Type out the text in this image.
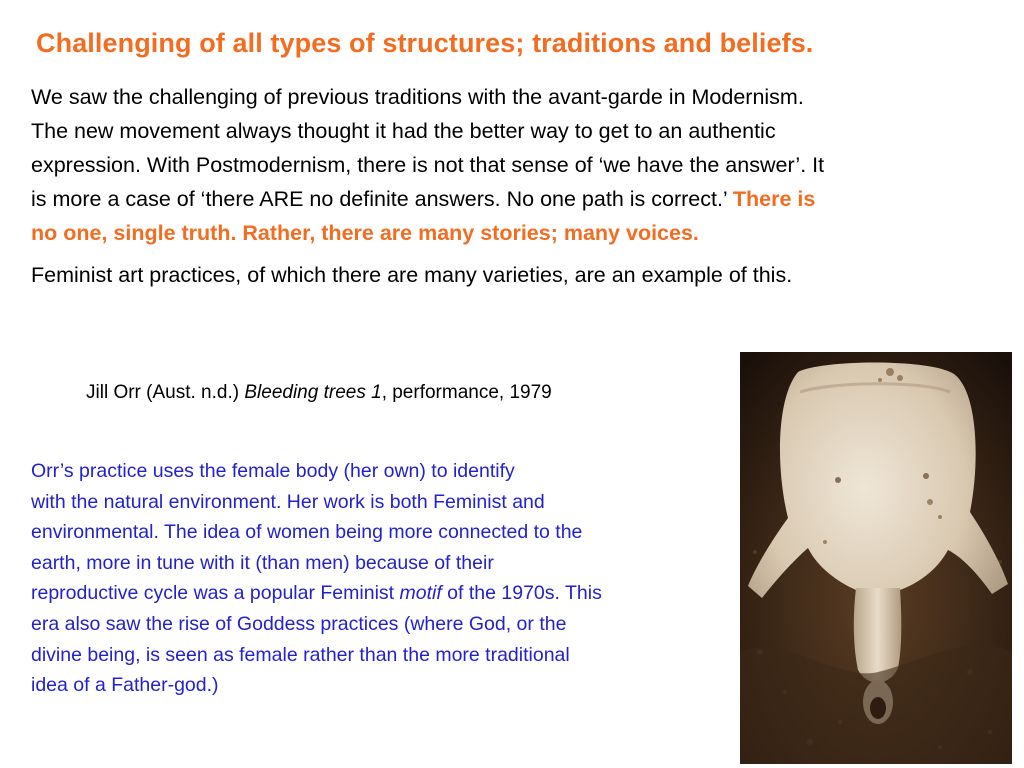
Challenging of all types of structures; traditions and beliefs.

We saw the challenging of previous traditions with the avant-garde in Modernism.
The new movement always thought it had the better way to get to an authentic
expression. With Postmodernism, there is not that sense of ‘we have the answer’. It
is more a case of ‘there ARE no definite answers. No one path is correct.’ There is
no one, single truth. Rather, there are many stories; many voices.

Feminist art practices, of which there are many varieties, are an example of this.

Jill Orr (Aust. n.d.) Bleeding trees 1, performance, 1979
Orr’s practice uses the female body (her own) to identify
with the natural environment. Her work is both Feminist and
environmental. The idea of women being more connected to the
earth, more in tune with it (than men) because of their
reproductive cycle was a popular Feminist motif of the 1970s. This
era also saw the rise of Goddess practices (where God, or the
divine being, is seen as female rather than the more traditional
idea of a Father-god.)
